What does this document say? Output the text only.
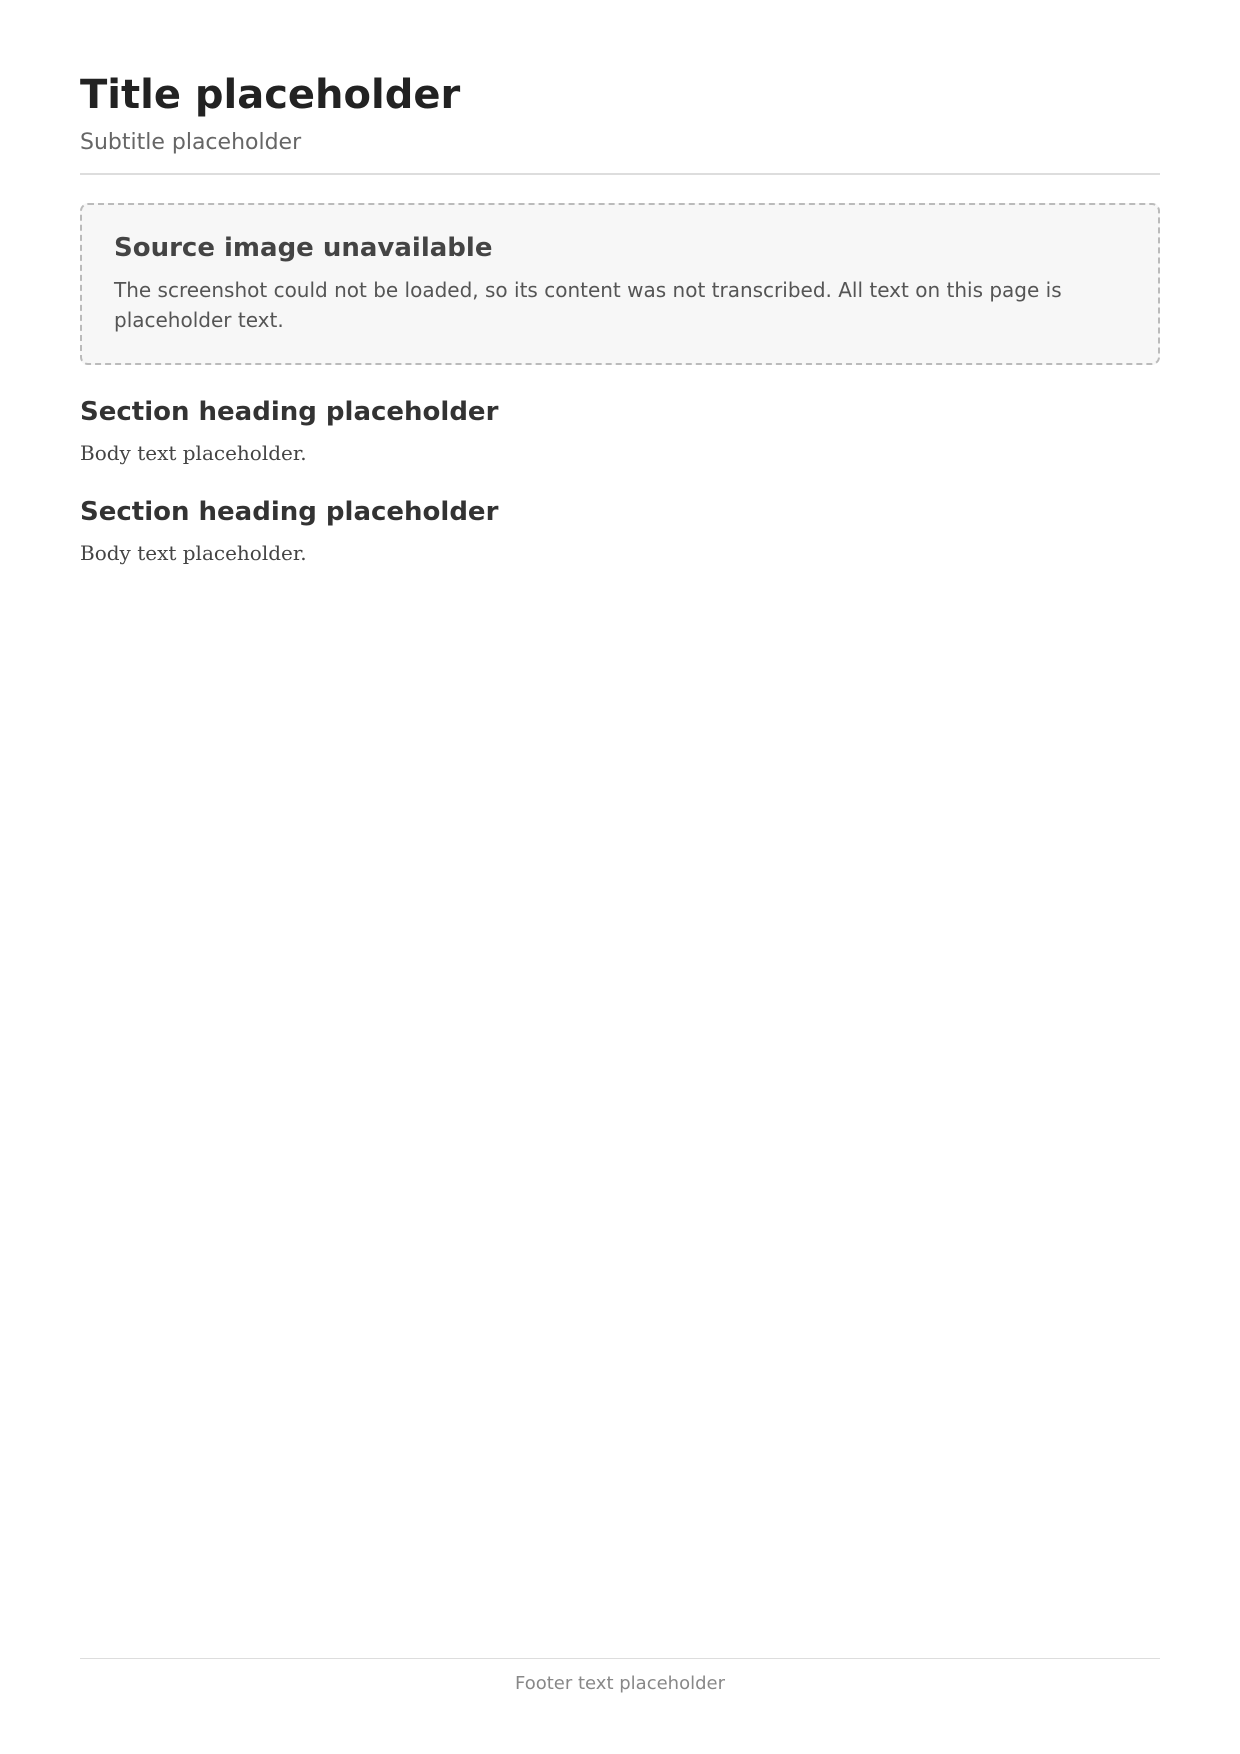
Title placeholder

Subtitle placeholder

Source image unavailable

The screenshot could not be loaded, so its content was not transcribed. All text on this page is placeholder text.

Section heading placeholder

Body text placeholder.

Section heading placeholder

Body text placeholder.

Footer text placeholder
